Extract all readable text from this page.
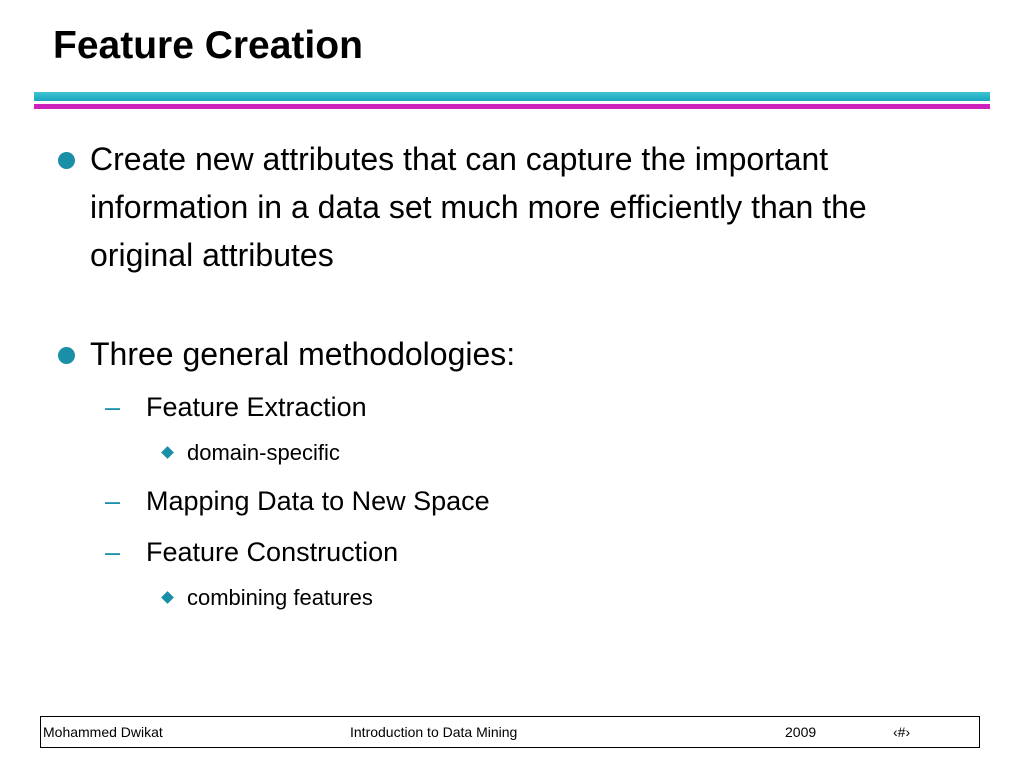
Feature Creation
Create new attributes that can capture the important information in a data set much more efficiently than the original attributes
Three general methodologies:
– Feature Extraction
domain-specific
– Mapping Data to New Space
– Feature Construction
combining features
Mohammed Dwikat	Introduction to Data Mining	2009	‹#›
